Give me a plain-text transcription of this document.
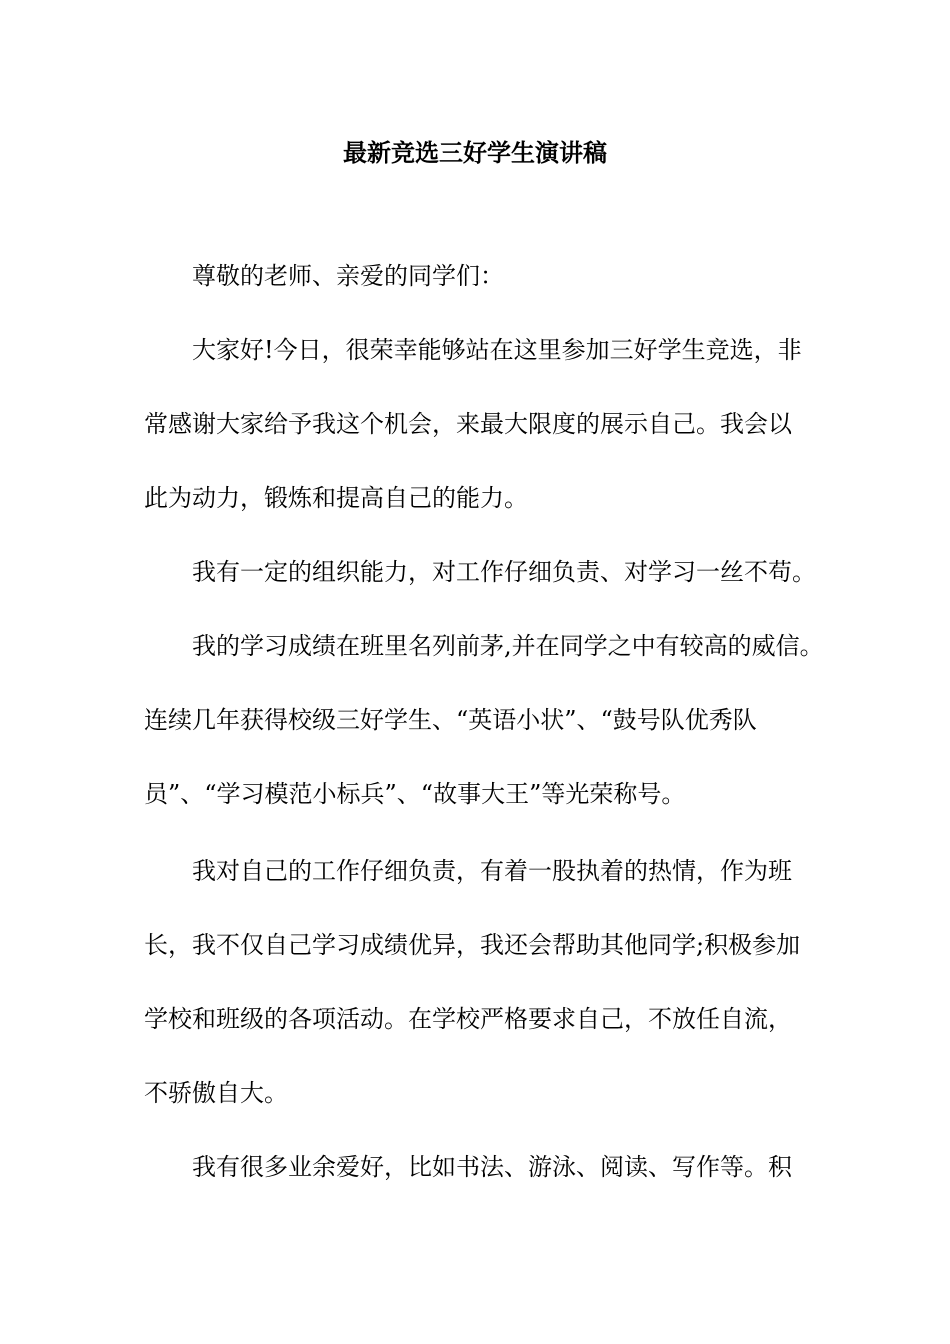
最新竞选三好学生演讲稿

尊敬的老师、亲爱的同学们：

大家好!今日，很荣幸能够站在这里参加三好学生竞选，非

常感谢大家给予我这个机会，来最大限度的展示自己。我会以

此为动力，锻炼和提高自己的能力。

我有一定的组织能力，对工作仔细负责、对学习一丝不苟。

我的学习成绩在班里名列前茅,并在同学之中有较高的威信。

连续几年获得校级三好学生、“英语小状”、“鼓号队优秀队

员”、“学习模范小标兵”、“故事大王”等光荣称号。

我对自己的工作仔细负责，有着一股执着的热情，作为班

长，我不仅自己学习成绩优异，我还会帮助其他同学;积极参加

学校和班级的各项活动。在学校严格要求自己，不放任自流，

不骄傲自大。

我有很多业余爱好，比如书法、游泳、阅读、写作等。积
